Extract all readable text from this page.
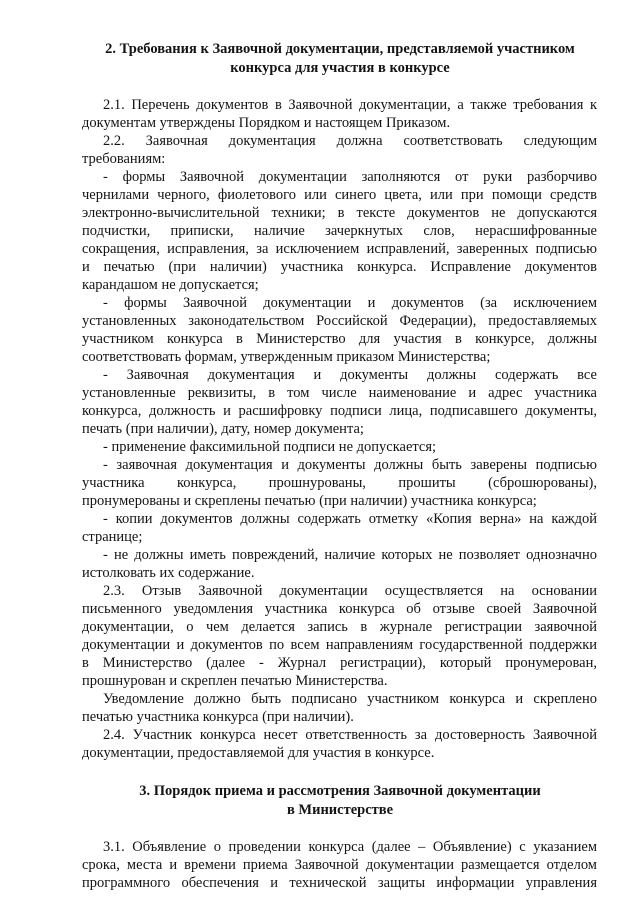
2. Требования к Заявочной документации, представляемой участником

конкурса для участия в конкурсе

2.1. Перечень документов в Заявочной документации, а также требования к

документам утверждены Порядком и настоящем Приказом.

2.2. Заявочная документация должна соответствовать следующим

требованиям:

- формы Заявочной документации заполняются от руки разборчиво

чернилами черного, фиолетового или синего цвета, или при помощи средств

электронно-вычислительной техники; в тексте документов не допускаются

подчистки, приписки, наличие зачеркнутых слов, нерасшифрованные

сокращения, исправления, за исключением исправлений, заверенных подписью

и печатью (при наличии) участника конкурса. Исправление документов

карандашом не допускается;

- формы Заявочной документации и документов (за исключением

установленных законодательством Российской Федерации), предоставляемых

участником конкурса в Министерство для участия в конкурсе, должны

соответствовать формам, утвержденным приказом Министерства;

- Заявочная документация и документы должны содержать все

установленные реквизиты, в том числе наименование и адрес участника

конкурса, должность и расшифровку подписи лица, подписавшего документы,

печать (при наличии), дату, номер документа;

- применение факсимильной подписи не допускается;

- заявочная документация и документы должны быть заверены подписью

участника конкурса, прошнурованы, прошиты (сброшюрованы),

пронумерованы и скреплены печатью (при наличии) участника конкурса;

- копии документов должны содержать отметку «Копия верна» на каждой

странице;

- не должны иметь повреждений, наличие которых не позволяет однозначно

истолковать их содержание.

2.3. Отзыв Заявочной документации осуществляется на основании

письменного уведомления участника конкурса об отзыве своей Заявочной

документации, о чем делается запись в журнале регистрации заявочной

документации и документов по всем направлениям государственной поддержки

в Министерство (далее - Журнал регистрации), который пронумерован,

прошнурован и скреплен печатью Министерства.

Уведомление должно быть подписано участником конкурса и скреплено

печатью участника конкурса (при наличии).

2.4. Участник конкурса несет ответственность за достоверность Заявочной

документации, предоставляемой для участия в конкурсе.

3. Порядок приема и рассмотрения Заявочной документации

в Министерстве

3.1. Объявление о проведении конкурса (далее – Объявление) с указанием

срока, места и времени приема Заявочной документации размещается отделом

программного обеспечения и технической защиты информации управления
